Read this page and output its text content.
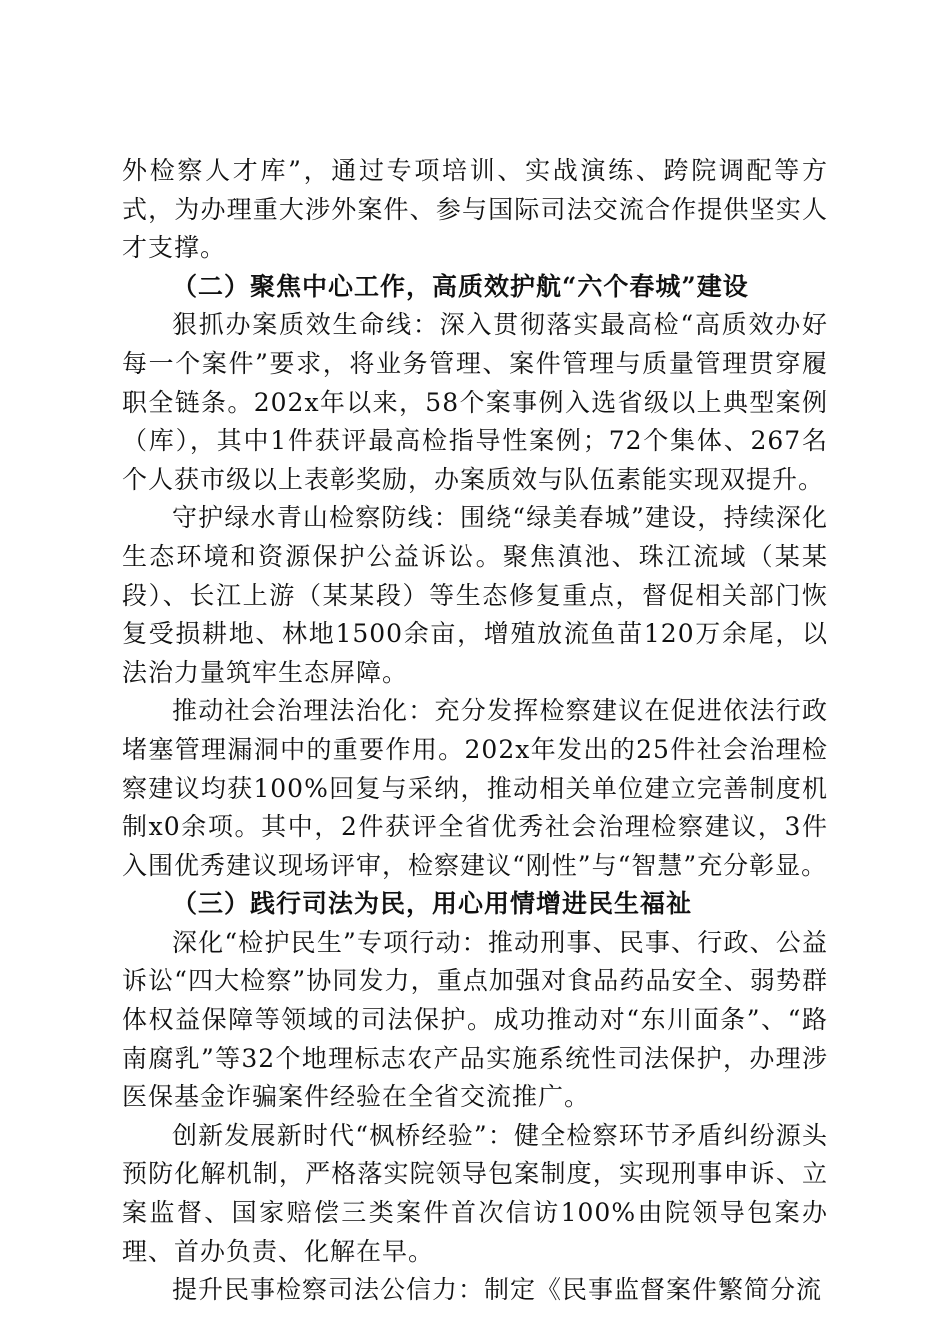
外检察人才库”，通过专项培训、实战演练、跨院调配等方式，为办理重大涉外案件、参与国际司法交流合作提供坚实人才支撑。

（二）聚焦中心工作，高质效护航“六个春城”建设

狠抓办案质效生命线：深入贯彻落实最高检“高质效办好每一个案件”要求，将业务管理、案件管理与质量管理贯穿履职全链条。202x年以来，58个案事例入选省级以上典型案例（库），其中1件获评最高检指导性案例；72个集体、267名个人获市级以上表彰奖励，办案质效与队伍素能实现双提升。

守护绿水青山检察防线：围绕“绿美春城”建设，持续深化生态环境和资源保护公益诉讼。聚焦滇池、珠江流域（某某段）、长江上游（某某段）等生态修复重点，督促相关部门恢复受损耕地、林地1500余亩，增殖放流鱼苗120万余尾，以法治力量筑牢生态屏障。

推动社会治理法治化：充分发挥检察建议在促进依法行政堵塞管理漏洞中的重要作用。202x年发出的25件社会治理检察建议均获100%回复与采纳，推动相关单位建立完善制度机制x0余项。其中，2件获评全省优秀社会治理检察建议，3件入围优秀建议现场评审，检察建议“刚性”与“智慧”充分彰显。

（三）践行司法为民，用心用情增进民生福祉

深化“检护民生”专项行动：推动刑事、民事、行政、公益诉讼“四大检察”协同发力，重点加强对食品药品安全、弱势群体权益保障等领域的司法保护。成功推动对“东川面条”、“路南腐乳”等32个地理标志农产品实施系统性司法保护，办理涉医保基金诈骗案件经验在全省交流推广。

创新发展新时代“枫桥经验”：健全检察环节矛盾纠纷源头预防化解机制，严格落实院领导包案制度，实现刑事申诉、立案监督、国家赔偿三类案件首次信访100%由院领导包案办理、首办负责、化解在早。

提升民事检察司法公信力：制定《民事监督案件繁简分流
